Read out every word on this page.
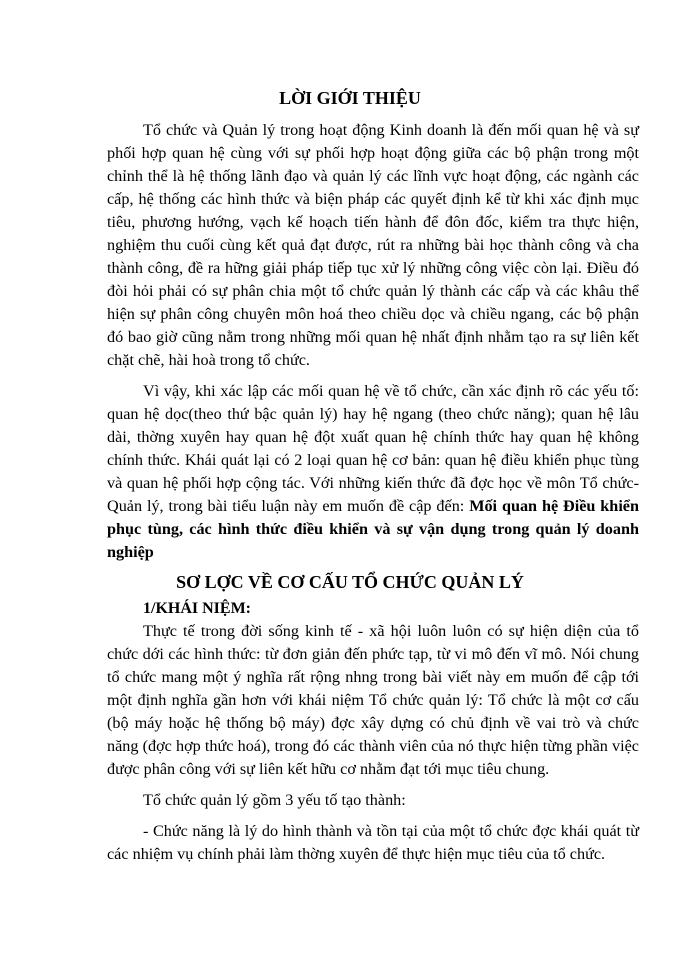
LỜI GIỚI THIỆU

Tổ chức và Quản lý trong hoạt động Kinh doanh là đến mối quan hệ và sự phối hợp quan hệ cùng với sự phối hợp hoạt động giữa các bộ phận trong một chỉnh thể là hệ thống lãnh đạo và quản lý các lĩnh vực hoạt động, các ngành các cấp, hệ thống các hình thức và biện pháp các quyết định kể từ khi xác định mục tiêu, phương hướng, vạch kế hoạch tiến hành để đôn đốc, kiểm tra thực hiện, nghiệm thu cuối cùng kết quả đạt được, rút ra những bài học thành công và cha thành công, đề ra hững giải pháp tiếp tục xử lý những công việc còn lại. Điều đó đòi hỏi phải có sự phân chia một tổ chức quản lý thành các cấp và các khâu thể hiện sự phân công chuyên môn hoá theo chiều dọc và chiều ngang, các bộ phận đó bao giờ cũng nằm trong những mối quan hệ nhất định nhằm tạo ra sự liên kết chặt chẽ, hài hoà trong tổ chức.

Vì vậy, khi xác lập các mối quan hệ về tổ chức, cần xác định rõ các yếu tố: quan hệ dọc(theo thứ bậc quản lý) hay hệ ngang (theo chức năng); quan hệ lâu dài, thờng xuyên hay quan hệ đột xuất quan hệ chính thức hay quan hệ không chính thức. Khái quát lại có 2 loại quan hệ cơ bản: quan hệ điều khiển phục tùng và quan hệ phối hợp cộng tác. Với những kiến thức đã đợc học về môn Tổ chức- Quản lý, trong bài tiểu luận này em muốn đề cập đến: Mối quan hệ Điều khiển phục tùng, các hình thức điều khiển và sự vận dụng trong quản lý doanh nghiệp

SƠ LỢC VỀ CƠ CẤU TỔ CHỨC QUẢN LÝ
1/KHÁI NIỆM:

Thực tế trong đời sống kinh tế - xã hội luôn luôn có sự hiện diện của tổ chức dới các hình thức: từ đơn giản đến phức tạp, từ vi mô đến vĩ mô. Nói chung tổ chức mang một ý nghĩa rất rộng nhng trong bài viết này em muốn để cập tới một định nghĩa gần hơn với khái niệm Tổ chức quản lý: Tổ chức là một cơ cấu (bộ máy hoặc hệ thống bộ máy) đợc xây dựng có chủ định về vai trò và chức năng (đợc hợp thức hoá), trong đó các thành viên của nó thực hiện từng phần việc được phân công với sự liên kết hữu cơ nhằm đạt tới mục tiêu chung.

Tổ chức quản lý gồm 3 yếu tố tạo thành:

- Chức năng là lý do hình thành và tồn tại của một tổ chức đợc khái quát từ các nhiệm vụ chính phải làm thờng xuyên để thực hiện mục tiêu của tổ chức.
